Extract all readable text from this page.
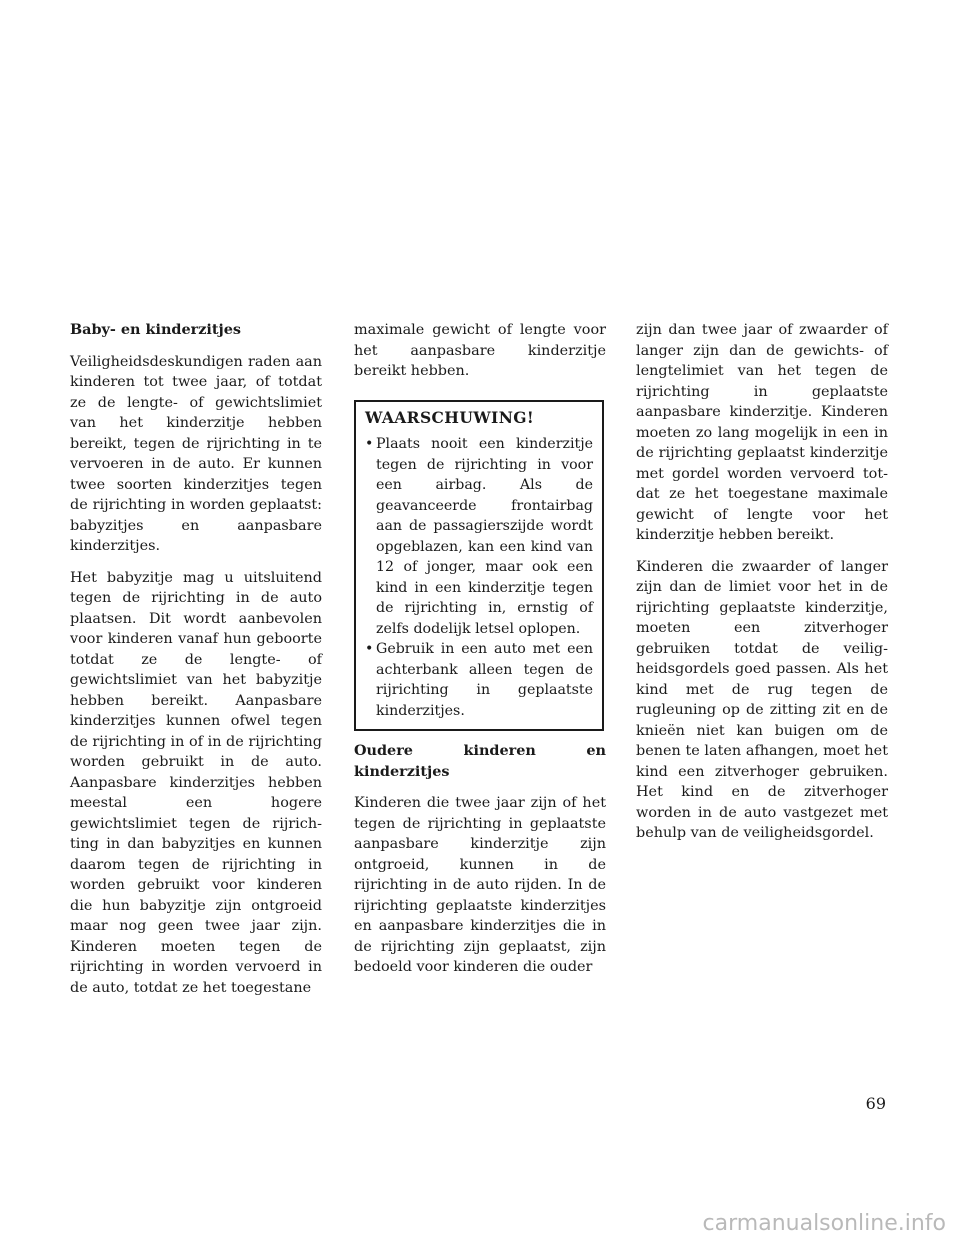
Baby- en kinderzitjes

Veiligheidsdeskundigen raden aan kinderen tot twee jaar, of totdat ze de lengte- of gewichtslimiet van het kinderzitje hebben bereikt, tegen de rijrichting in te vervoeren in de auto. Er kunnen twee soorten kinderzitjes tegen de rijrichting in worden geplaatst: babyzitjes en aanpasbare kinderzitjes.

Het babyzitje mag u uitsluitend tegen de rijrichting in de auto plaatsen. Dit wordt aanbevolen voor kinderen vanaf hun geboorte totdat ze de lengte- of gewichtslimiet van het babyzitje hebben bereikt. Aanpasbare kinderzitjes kunnen ofwel tegen de rijrichting in of in de rijrichting worden gebruikt in de auto. Aanpasbare kinderzitjes hebben meestal een hogere gewichtslimiet tegen de rijrichting in dan babyzitjes en kunnen daarom tegen de rijrichting in worden gebruikt voor kinderen die hun babyzitje zijn ontgroeid maar nog geen twee jaar zijn. Kinderen moeten tegen de rijrichting in worden vervoerd in de auto, totdat ze het toegestane

maximale gewicht of lengte voor het aanpasbare kinderzitje bereikt hebben.

WAARSCHUWING!
• Plaats nooit een kinderzitje tegen de rijrichting in voor een airbag. Als de geavanceerde frontairbag aan de passagierszijde wordt opgeblazen, kan een kind van 12 of jonger, maar ook een kind in een kinderzitje tegen de rijrichting in, ernstig of zelfs dodelijk letsel oplopen.
• Gebruik in een auto met een achterbank alleen tegen de rijrichting in geplaatste kinderzitjes.
Oudere kinderen en kinderzitjes

Kinderen die twee jaar zijn of het tegen de rijrichting in geplaatste aanpasbare kinderzitje zijn ontgroeid, kunnen in de rijrichting in de auto rijden. In de rijrichting geplaatste kinderzitjes en aanpasbare kinderzitjes die in de rijrichting zijn geplaatst, zijn bedoeld voor kinderen die ouder

zijn dan twee jaar of zwaarder of langer zijn dan de gewichts- of lengtelimiet van het tegen de rijrichting in geplaatste aanpasbare kinderzitje. Kinderen moeten zo lang mogelijk in een in de rijrichting geplaatst kinderzitje met gordel worden vervoerd totdat ze het toegestane maximale gewicht of lengte voor het kinderzitje hebben bereikt.

Kinderen die zwaarder of langer zijn dan de limiet voor het in de rijrichting geplaatste kinderzitje, moeten een zitverhoger gebruiken totdat de veiligheidsgordels goed passen. Als het kind met de rug tegen de rugleuning op de zitting zit en de knieën niet kan buigen om de benen te laten afhangen, moet het kind een zitverhoger gebruiken. Het kind en de zitverhoger worden in de auto vastgezet met behulp van de veiligheidsgordel.

69
carmanualsonline.info
